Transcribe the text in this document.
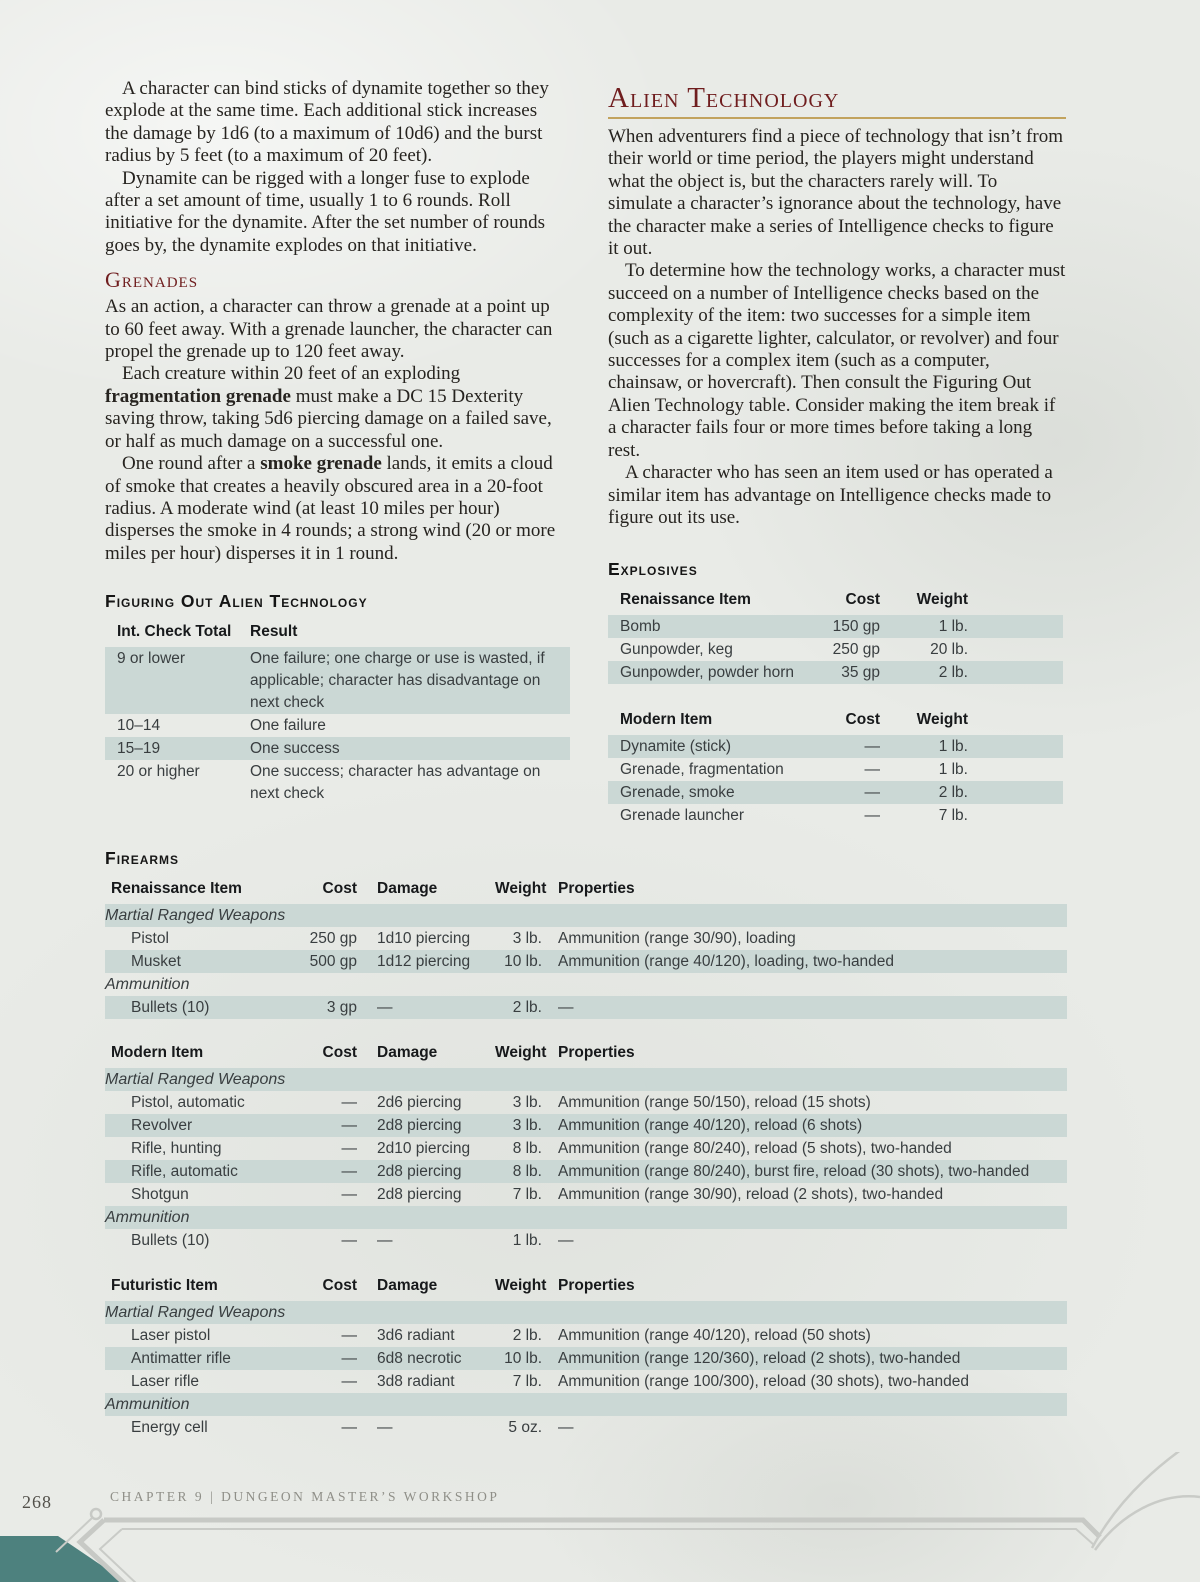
A character can bind sticks of dynamite together so they explode at the same time. Each additional stick increases the damage by 1d6 (to a maximum of 10d6) and the burst radius by 5 feet (to a maximum of 20 feet).

Dynamite can be rigged with a longer fuse to explode after a set amount of time, usually 1 to 6 rounds. Roll initiative for the dynamite. After the set number of rounds goes by, the dynamite explodes on that initiative.

Grenades

As an action, a character can throw a grenade at a point up to 60 feet away. With a grenade launcher, the character can propel the grenade up to 120 feet away.

Each creature within 20 feet of an exploding fragmentation grenade must make a DC 15 Dexterity saving throw, taking 5d6 piercing damage on a failed save, or half as much damage on a successful one.

One round after a smoke grenade lands, it emits a cloud of smoke that creates a heavily obscured area in a 20-foot radius. A moderate wind (at least 10 miles per hour) disperses the smoke in 4 rounds; a strong wind (20 or more miles per hour) disperses it in 1 round.

Figuring Out Alien Technology
Int. Check Total	Result
9 or lower	One failure; one charge or use is wasted, if applicable; character has disadvantage on next check
10–14	One failure
15–19	One success
20 or higher	One success; character has advantage on next check
Alien Technology

When adventurers find a piece of technology that isn’t from their world or time period, the players might understand what the object is, but the characters rarely will. To simulate a character’s ignorance about the technology, have the character make a series of Intelligence checks to figure it out.

To determine how the technology works, a character must succeed on a number of Intelligence checks based on the complexity of the item: two successes for a simple item (such as a cigarette lighter, calculator, or revolver) and four successes for a complex item (such as a computer, chainsaw, or hovercraft). Then consult the Figuring Out Alien Technology table. Consider making the item break if a character fails four or more times before taking a long rest.

A character who has seen an item used or has operated a similar item has advantage on Intelligence checks made to figure out its use.

Explosives
Renaissance Item	Cost	Weight
Bomb	150 gp	1 lb.
Gunpowder, keg	250 gp	20 lb.
Gunpowder, powder horn	35 gp	2 lb.
Modern Item	Cost	Weight
Dynamite (stick)	—	1 lb.
Grenade, fragmentation	—	1 lb.
Grenade, smoke	—	2 lb.
Grenade launcher	—	7 lb.
Firearms
Renaissance Item	Cost	Damage	Weight	Properties
Martial Ranged Weapons				
Pistol	250 gp	1d10 piercing	3 lb.	Ammunition (range 30/90), loading
Musket	500 gp	1d12 piercing	10 lb.	Ammunition (range 40/120), loading, two-handed
Ammunition				
Bullets (10)	3 gp	—	2 lb.	—
Modern Item	Cost	Damage	Weight	Properties
Martial Ranged Weapons				
Pistol, automatic	—	2d6 piercing	3 lb.	Ammunition (range 50/150), reload (15 shots)
Revolver	—	2d8 piercing	3 lb.	Ammunition (range 40/120), reload (6 shots)
Rifle, hunting	—	2d10 piercing	8 lb.	Ammunition (range 80/240), reload (5 shots), two-handed
Rifle, automatic	—	2d8 piercing	8 lb.	Ammunition (range 80/240), burst fire, reload (30 shots), two-handed
Shotgun	—	2d8 piercing	7 lb.	Ammunition (range 30/90), reload (2 shots), two-handed
Ammunition				
Bullets (10)	—	—	1 lb.	—
Futuristic Item	Cost	Damage	Weight	Properties
Martial Ranged Weapons				
Laser pistol	—	3d6 radiant	2 lb.	Ammunition (range 40/120), reload (50 shots)
Antimatter rifle	—	6d8 necrotic	10 lb.	Ammunition (range 120/360), reload (2 shots), two-handed
Laser rifle	—	3d8 radiant	7 lb.	Ammunition (range 100/300), reload (30 shots), two-handed
Ammunition				
Energy cell	—	—	5 oz.	—
268	CHAPTER 9 | DUNGEON MASTER’S WORKSHOP
